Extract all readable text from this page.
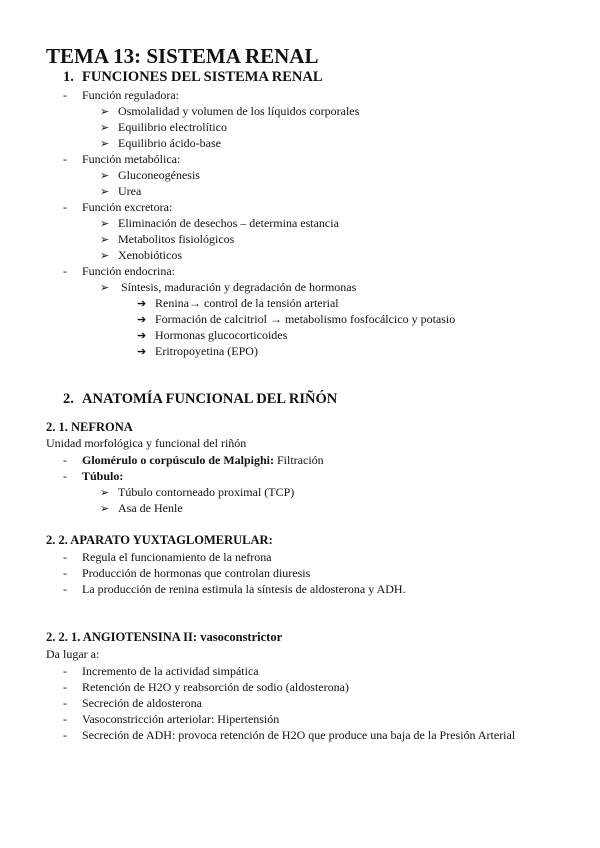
TEMA 13: SISTEMA RENAL
1. FUNCIONES DEL SISTEMA RENAL
- Función reguladora:
➢ Osmolalidad y volumen de los líquidos corporales
➢ Equilibrio electrolítico
➢ Equilibrio ácido-base
- Función metabólica:
➢ Gluconeogénesis
➢ Urea
- Función excretora:
➢ Eliminación de desechos – determina estancia
➢ Metabolitos fisiológicos
➢ Xenobióticos
- Función endocrina:
➢ Síntesis, maduración y degradación de hormonas
➔ Renina→ control de la tensión arterial
➔ Formación de calcitriol → metabolismo fosfocálcico y potasio
➔ Hormonas glucocorticoides
➔ Eritropoyetina (EPO)
2. ANATOMÍA FUNCIONAL DEL RIÑÓN
2. 1. NEFRONA
Unidad morfológica y funcional del riñón
- Glomérulo o corpúsculo de Malpighi: Filtración
- Túbulo:
➢ Túbulo contorneado proximal (TCP)
➢ Asa de Henle
2. 2. APARATO YUXTAGLOMERULAR:
- Regula el funcionamiento de la nefrona
- Producción de hormonas que controlan diuresis
- La producción de renina estimula la síntesis de aldosterona y ADH.
2. 2. 1. ANGIOTENSINA II: vasoconstrictor
Da lugar a:
- Incremento de la actividad simpática
- Retención de H2O y reabsorción de sodio (aldosterona)
- Secreción de aldosterona
- Vasoconstricción arteriolar: Hipertensión
- Secreción de ADH: provoca retención de H2O que produce una baja de la Presión Arterial
